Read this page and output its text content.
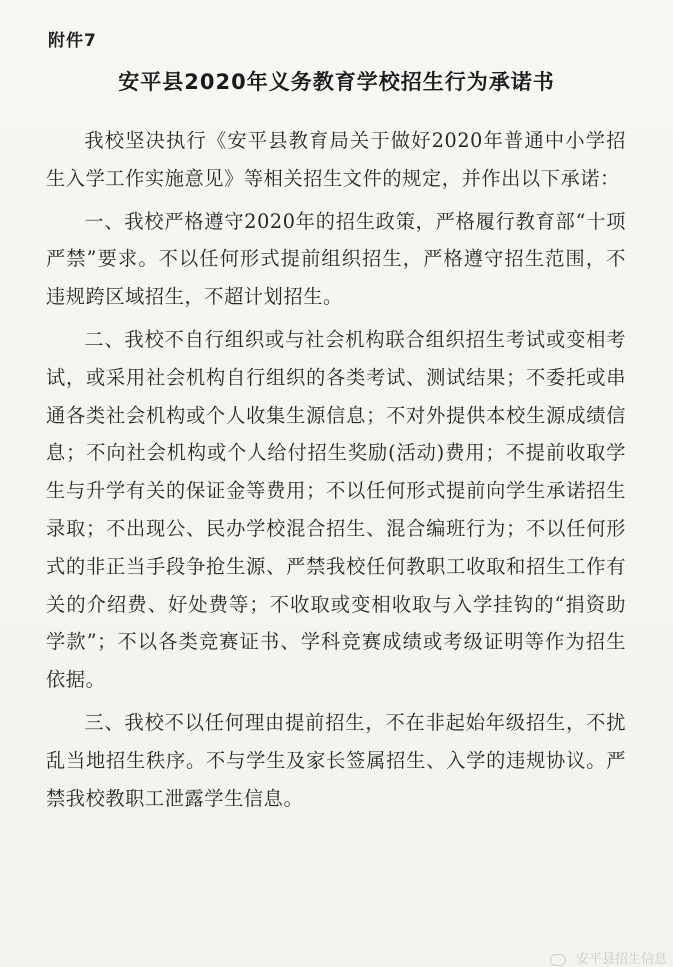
附件7
安平县2020年义务教育学校招生行为承诺书

我校坚决执行《安平县教育局关于做好2020年普通中小学招生入学工作实施意见》等相关招生文件的规定，并作出以下承诺：

一、我校严格遵守2020年的招生政策，严格履行教育部“十项严禁”要求。不以任何形式提前组织招生，严格遵守招生范围，不违规跨区域招生，不超计划招生。

二、我校不自行组织或与社会机构联合组织招生考试或变相考试，或采用社会机构自行组织的各类考试、测试结果；不委托或串通各类社会机构或个人收集生源信息；不对外提供本校生源成绩信息；不向社会机构或个人给付招生奖励(活动)费用；不提前收取学生与升学有关的保证金等费用；不以任何形式提前向学生承诺招生录取；不出现公、民办学校混合招生、混合编班行为；不以任何形式的非正当手段争抢生源、严禁我校任何教职工收取和招生工作有关的介绍费、好处费等；不收取或变相收取与入学挂钩的“捐资助学款”；不以各类竞赛证书、学科竞赛成绩或考级证明等作为招生依据。

三、我校不以任何理由提前招生，不在非起始年级招生，不扰乱当地招生秩序。不与学生及家长签属招生、入学的违规协议。严禁我校教职工泄露学生信息。

安平县招生信息
